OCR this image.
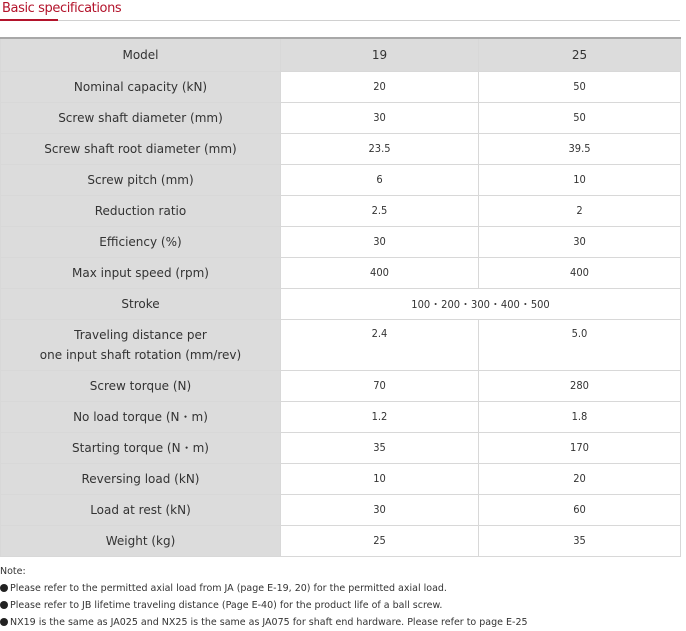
Basic specifications
Model	19	25
Nominal capacity (kN)	20	50
Screw shaft diameter (mm)	30	50
Screw shaft root diameter (mm)	23.5	39.5
Screw pitch (mm)	6	10
Reduction ratio	2.5	2
Efficiency (%)	30	30
Max input speed (rpm)	400	400
Stroke	100・200・300・400・500	

Traveling distance per
one input shaft rotation (mm/rev)	2.4	5.0
Screw torque (N)	70	280
No load torque (N・m)	1.2	1.8
Starting torque (N・m)	35	170
Reversing load (kN)	10	20
Load at rest (kN)	30	60
Weight (kg)	25	35
Note:
Please refer to the permitted axial load from JA (page E-19, 20) for the permitted axial load.
Please refer to JB lifetime traveling distance (Page E-40) for the product life of a ball screw.
NX19 is the same as JA025 and NX25 is the same as JA075 for shaft end hardware. Please refer to page E-25
